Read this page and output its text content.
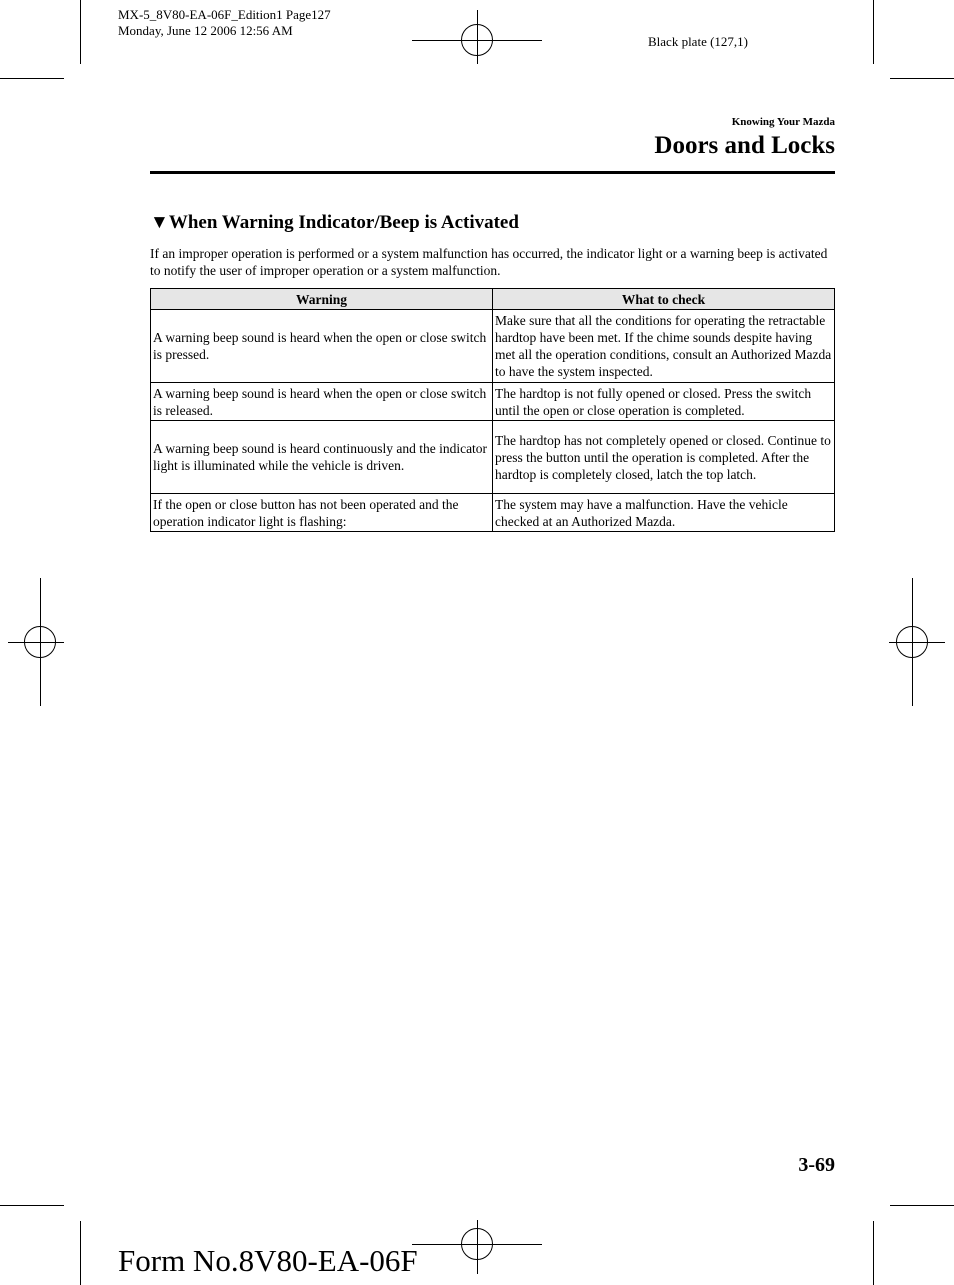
MX-5_8V80-EA-06F_Edition1 Page127
Monday, June 12 2006 12:56 AM
Black plate (127,1)
Knowing Your Mazda
Doors and Locks
▼When Warning Indicator/Beep is Activated
If an improper operation is performed or a system malfunction has occurred, the indicator light or a warning beep is activated to notify the user of improper operation or a system malfunction.
Warning	What to check
A warning beep sound is heard when the open or close switch is pressed.	Make sure that all the conditions for operating the retractable hardtop have been met. If the chime sounds despite having met all the operation conditions, consult an Authorized Mazda to have the system inspected.
A warning beep sound is heard when the open or close switch is released.	The hardtop is not fully opened or closed. Press the switch until the open or close operation is completed.
A warning beep sound is heard continuously and the indicator light is illuminated while the vehicle is driven.	The hardtop has not completely opened or closed. Continue to press the button until the operation is completed. After the hardtop is completely closed, latch the top latch.
If the open or close button has not been operated and the operation indicator light is flashing:	The system may have a malfunction. Have the vehicle checked at an Authorized Mazda.
3-69
Form No.8V80-EA-06F
